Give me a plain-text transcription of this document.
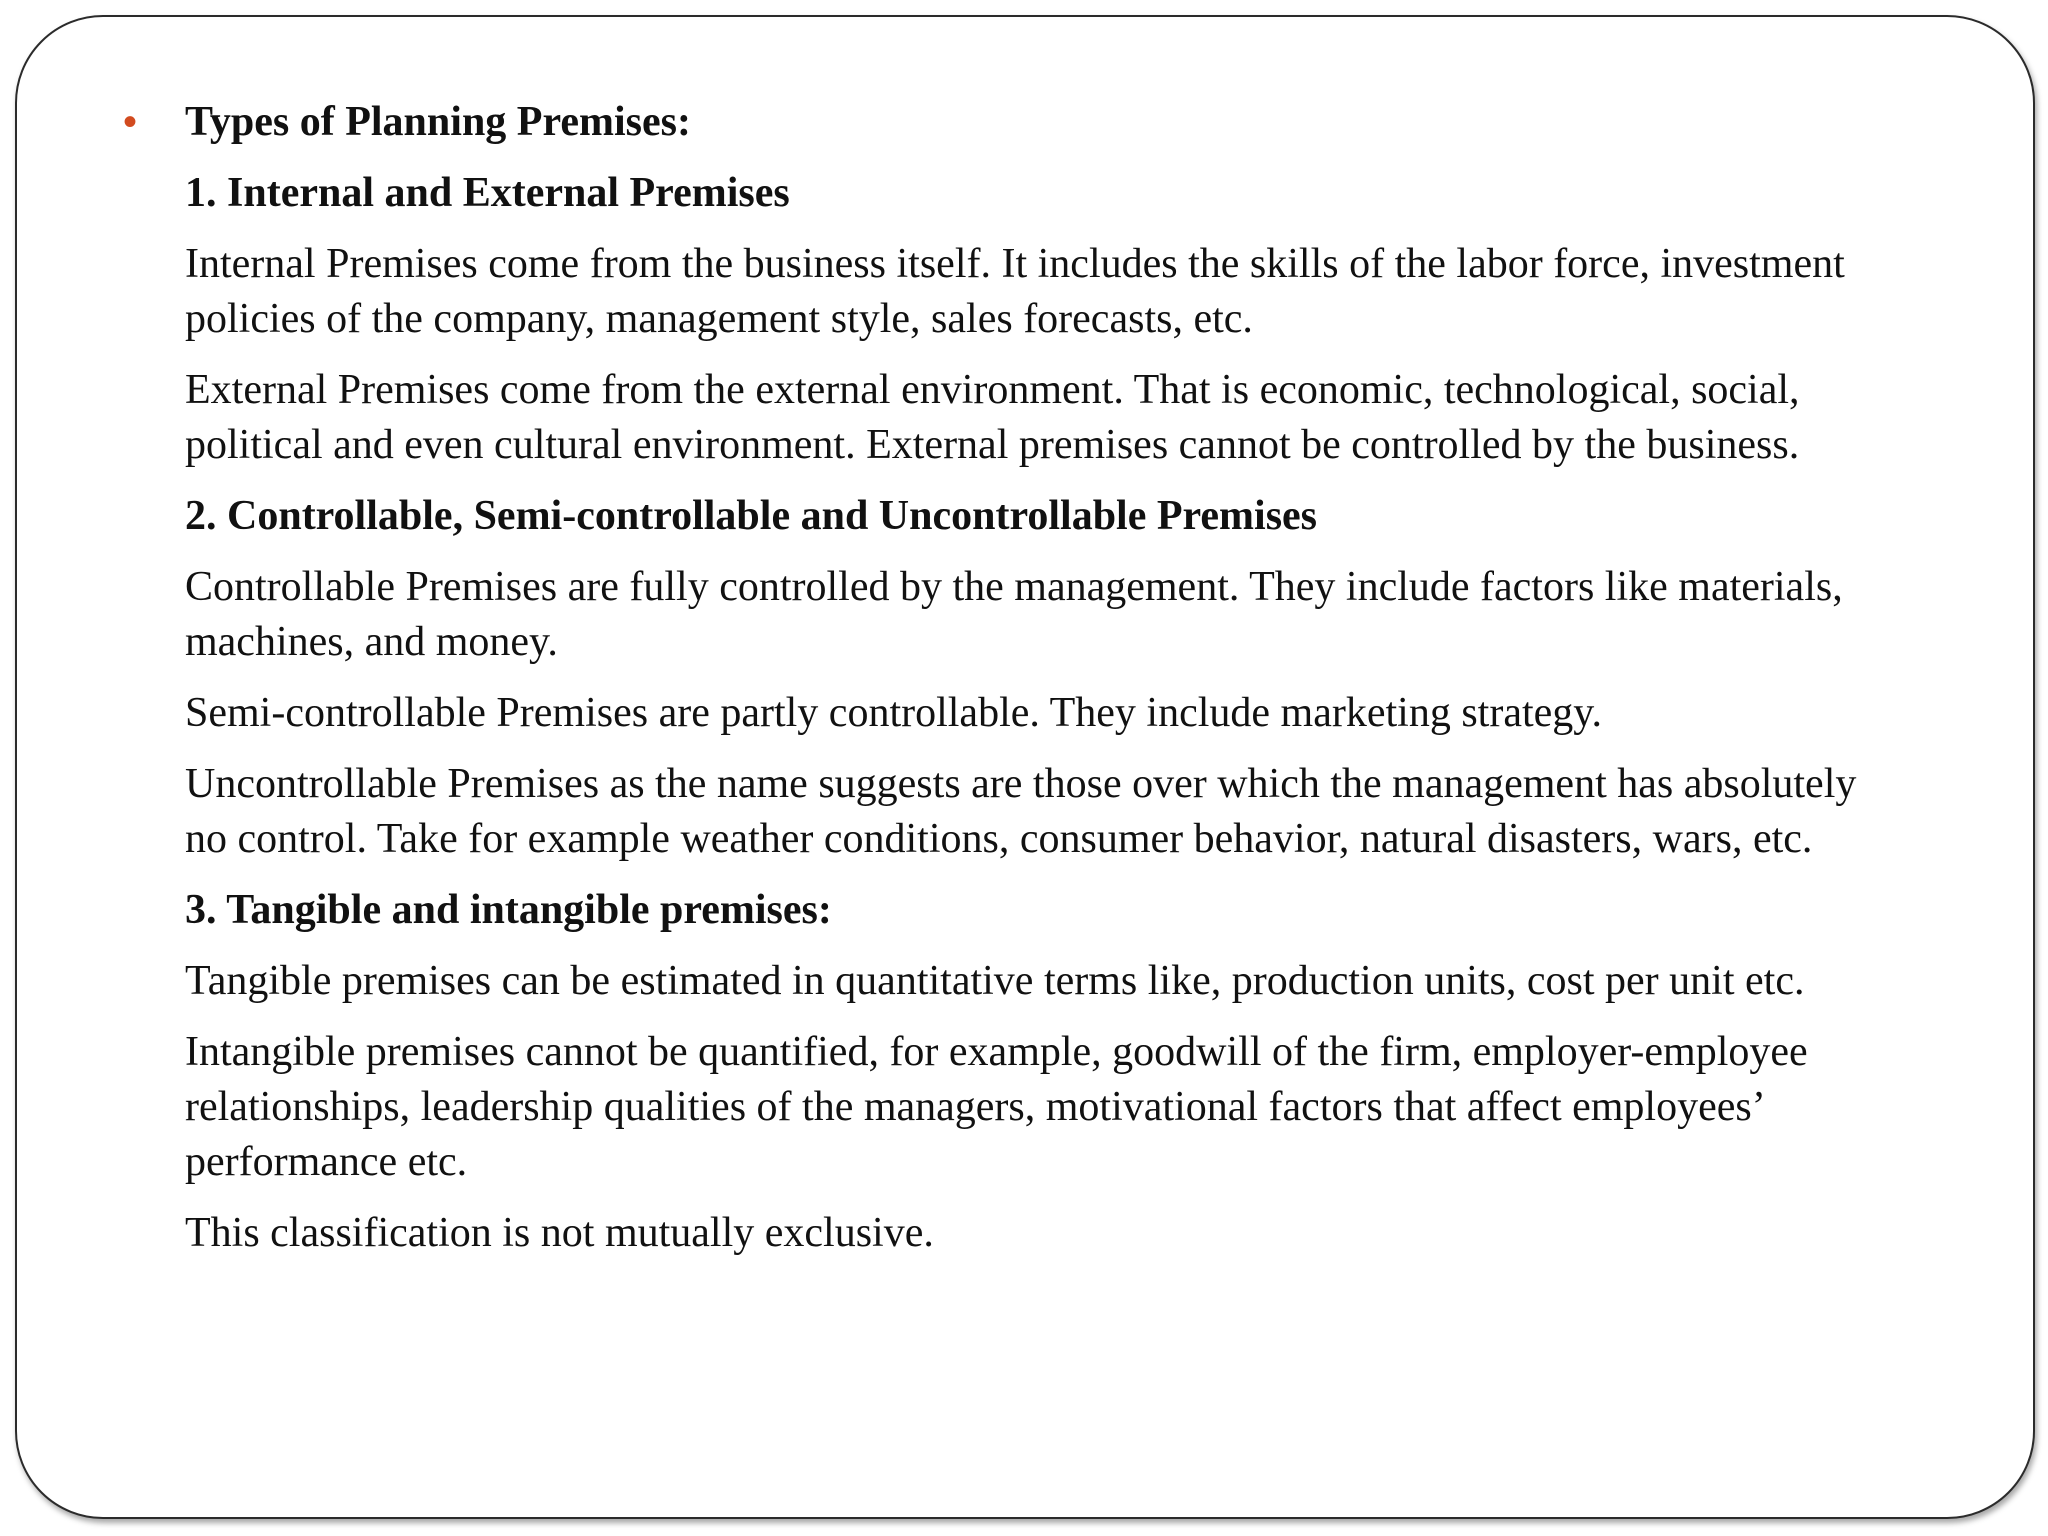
• Types of Planning Premises:

1. Internal and External Premises

Internal Premises come from the business itself. It includes the skills of the labor force, investment policies of the company, management style, sales forecasts, etc.

External Premises come from the external environment. That is economic, technological, social, political and even cultural environment. External premises cannot be controlled by the business.

2. Controllable, Semi-controllable and Uncontrollable Premises

Controllable Premises are fully controlled by the management. They include factors like materials, machines, and money.

Semi-controllable Premises are partly controllable. They include marketing strategy.

Uncontrollable Premises as the name suggests are those over which the management has absolutely no control. Take for example weather conditions, consumer behavior, natural disasters, wars, etc.

3. Tangible and intangible premises:

Tangible premises can be estimated in quantitative terms like, production units, cost per unit etc.

Intangible premises cannot be quantified, for example, goodwill of the firm, employer-employee relationships, leadership qualities of the managers, motivational factors that affect employees’ performance etc.

This classification is not mutually exclusive.
